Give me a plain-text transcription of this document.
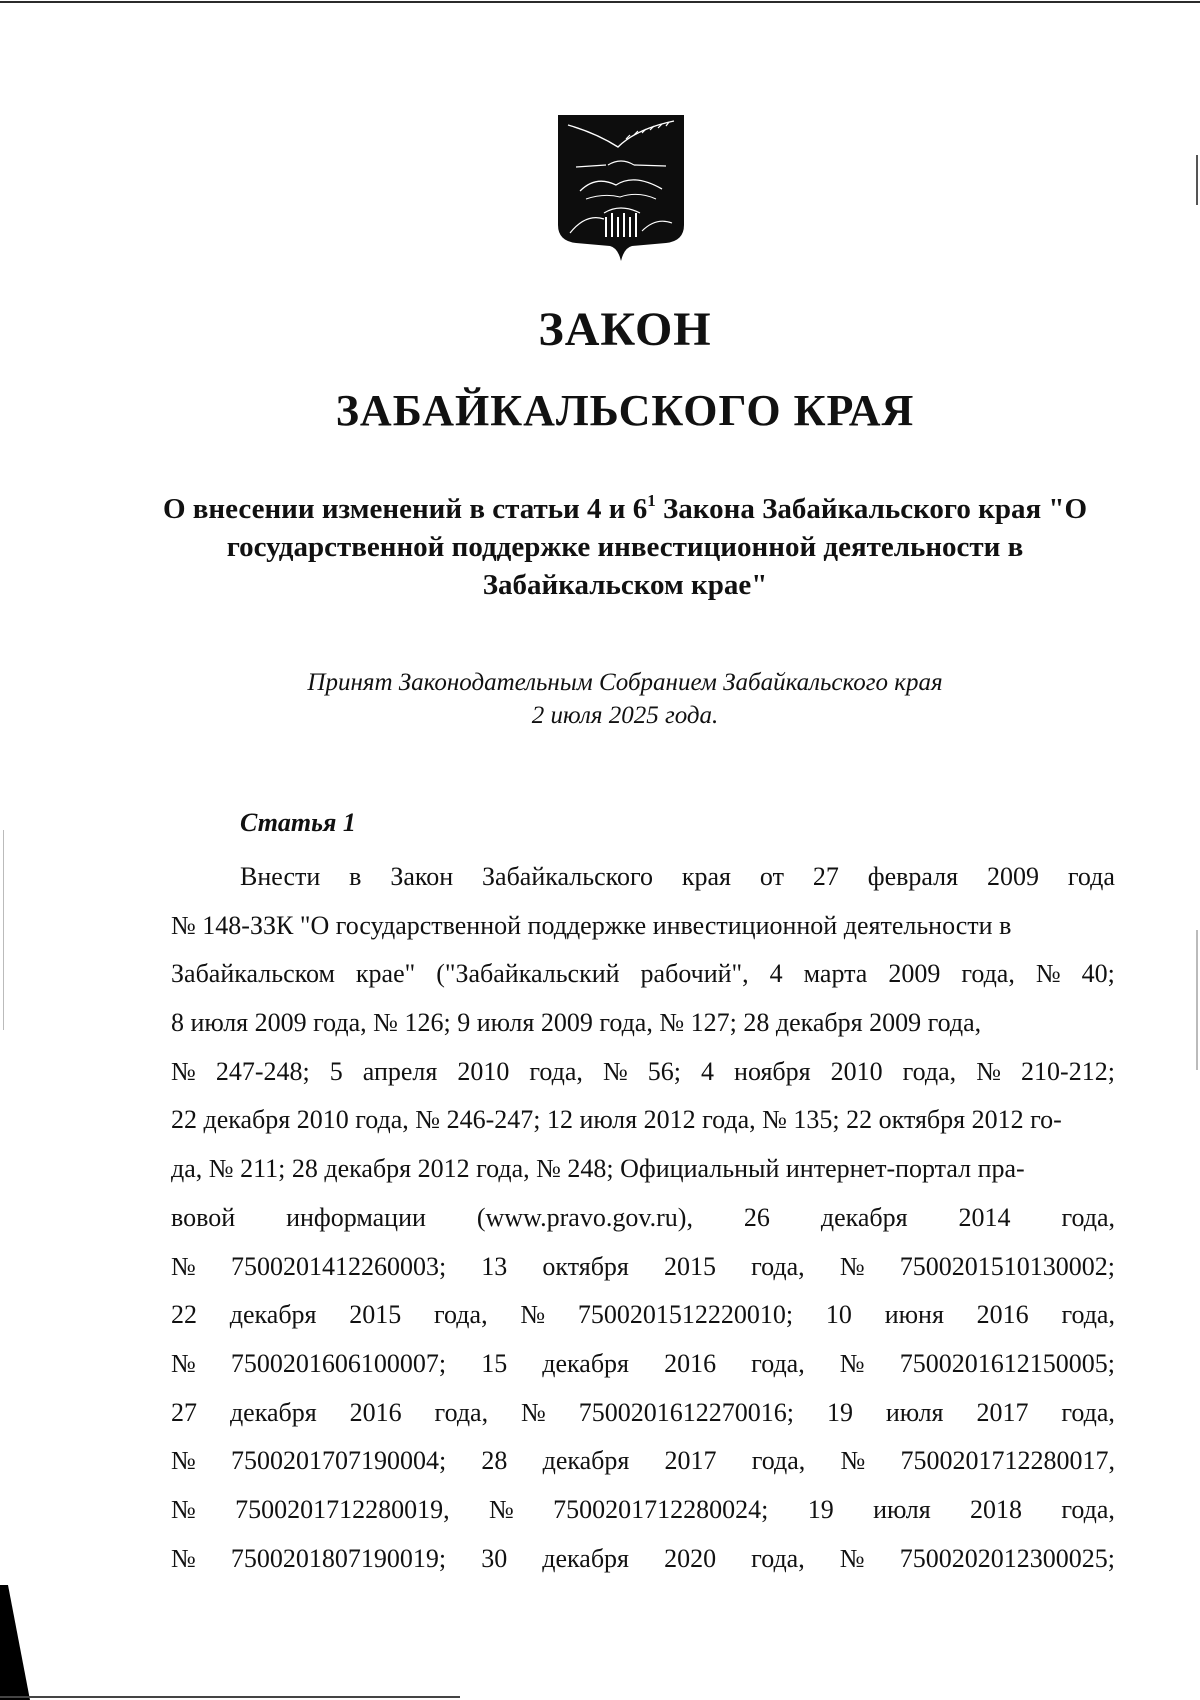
ЗАКОН
ЗАБАЙКАЛЬСКОГО КРАЯ
О внесении изменений в статьи 4 и $6^1$ Закона Забайкальского края "О государственной поддержке инвестиционной деятельности в Забайкальском крае"
Принят Законодательным Собранием Забайкальского края
2 июля 2025 года.
Статья 1
Внести в Закон Забайкальского края от 27 февраля 2009 года
№ 148-ЗЗК "О государственной поддержке инвестиционной деятельности в
Забайкальском крае" ("Забайкальский рабочий", 4 марта 2009 года, № 40;
8 июля 2009 года, № 126; 9 июля 2009 года, № 127; 28 декабря 2009 года,
№ 247-248; 5 апреля 2010 года, № 56; 4 ноября 2010 года, № 210-212;
22 декабря 2010 года, № 246-247; 12 июля 2012 года, № 135; 22 октября 2012 го-
да, № 211; 28 декабря 2012 года, № 248; Официальный интернет-портал пра-
вовой информации (www.pravo.gov.ru), 26 декабря 2014 года,
№ 7500201412260003; 13 октября 2015 года, № 7500201510130002;
22 декабря 2015 года, № 7500201512220010; 10 июня 2016 года,
№ 7500201606100007; 15 декабря 2016 года, № 7500201612150005;
27 декабря 2016 года, № 7500201612270016; 19 июля 2017 года,
№ 7500201707190004; 28 декабря 2017 года, № 7500201712280017,
№ 7500201712280019, № 7500201712280024; 19 июля 2018 года,
№ 7500201807190019; 30 декабря 2020 года, № 7500202012300025;
